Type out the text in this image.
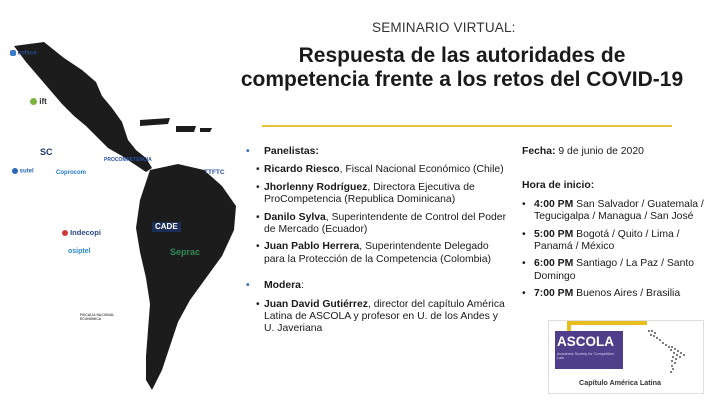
cofece
ift
SC
sutel	Coprocom
PROCOMPETENCIA
TTFTC
Indecopi
CADE
osiptel	Seprac
FISCALÍA NACIONAL ECONÓMICA
SEMINARIO VIRTUAL:
Respuesta de las autoridades de
competencia frente a los retos del COVID-19
•	Panelistas:
• Ricardo Riesco, Fiscal Nacional Económico (Chile)
• Jhorlenny Rodríguez, Directora Ejecutiva de ProCompetencia (Republica Dominicana)
• Danilo Sylva, Superintendente de Control del Poder de Mercado (Ecuador)
• Juan Pablo Herrera, Superintendente Delegado para la Protección de la Competencia (Colombia)
•	Modera:
• Juan David Gutiérrez, director del capítulo América Latina de ASCOLA y profesor en U. de los Andes y U. Javeriana
Fecha: 9 de junio de 2020
Hora de inicio:
• 4:00 PM San Salvador / Guatemala / Tegucigalpa / Managua / San José
• 5:00 PM Bogotá / Quito / Lima / Panamá / México
• 6:00 PM Santiago / La Paz / Santo Domingo
• 7:00 PM Buenos Aires / Brasilia
ASCOLA
Academic Society for Competition Law
Capítulo América Latina
